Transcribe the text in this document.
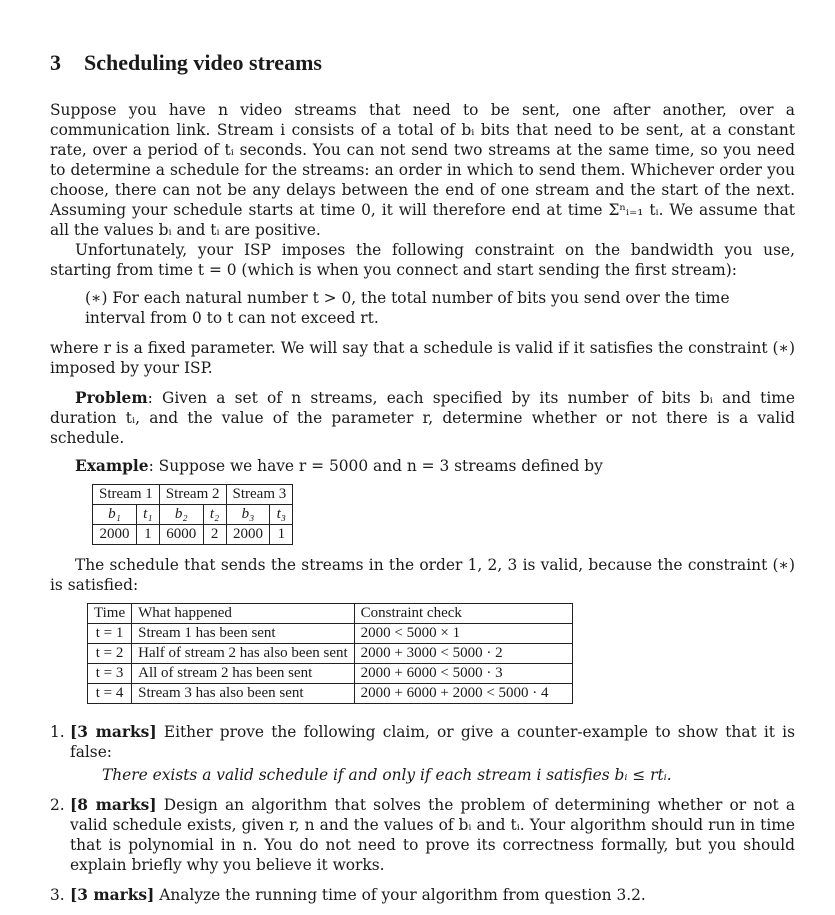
3 Scheduling video streams

Suppose you have n video streams that need to be sent, one after another, over a communication link. Stream i consists of a total of bᵢ bits that need to be sent, at a constant rate, over a period of tᵢ seconds. You can not send two streams at the same time, so you need to determine a schedule for the streams: an order in which to send them. Whichever order you choose, there can not be any delays between the end of one stream and the start of the next. Assuming your schedule starts at time 0, it will therefore end at time Σⁿᵢ₌₁ tᵢ. We assume that all the values bᵢ and tᵢ are positive.

Unfortunately, your ISP imposes the following constraint on the bandwidth you use, starting from time t = 0 (which is when you connect and start sending the first stream):

(∗) For each natural number t > 0, the total number of bits you send over the time interval from 0 to t can not exceed rt.

where r is a fixed parameter. We will say that a schedule is valid if it satisfies the constraint (∗) imposed by your ISP.

Problem: Given a set of n streams, each specified by its number of bits bᵢ and time duration tᵢ, and the value of the parameter r, determine whether or not there is a valid schedule.

Example: Suppose we have r = 5000 and n = 3 streams defined by

Stream 1		Stream 2		Stream 3	
b₁	t₁	b₂	t₂	b₃	t₃
2000	1	6000	2	2000	1

The schedule that sends the streams in the order 1, 2, 3 is valid, because the constraint (∗) is satisfied:

Time	What happened	Constraint check
t = 1	Stream 1 has been sent	2000 < 5000 × 1
t = 2	Half of stream 2 has also been sent	2000 + 3000 < 5000 · 2
t = 3	All of stream 2 has been sent	2000 + 6000 < 5000 · 3
t = 4	Stream 3 has also been sent	2000 + 6000 + 2000 < 5000 · 4
1. [3 marks] Either prove the following claim, or give a counter-example to show that it is false:
There exists a valid schedule if and only if each stream i satisfies bᵢ ≤ rtᵢ.
2. [8 marks] Design an algorithm that solves the problem of determining whether or not a valid schedule exists, given r, n and the values of bᵢ and tᵢ. Your algorithm should run in time that is polynomial in n. You do not need to prove its correctness formally, but you should explain briefly why you believe it works.
3. [3 marks] Analyze the running time of your algorithm from question 3.2.
